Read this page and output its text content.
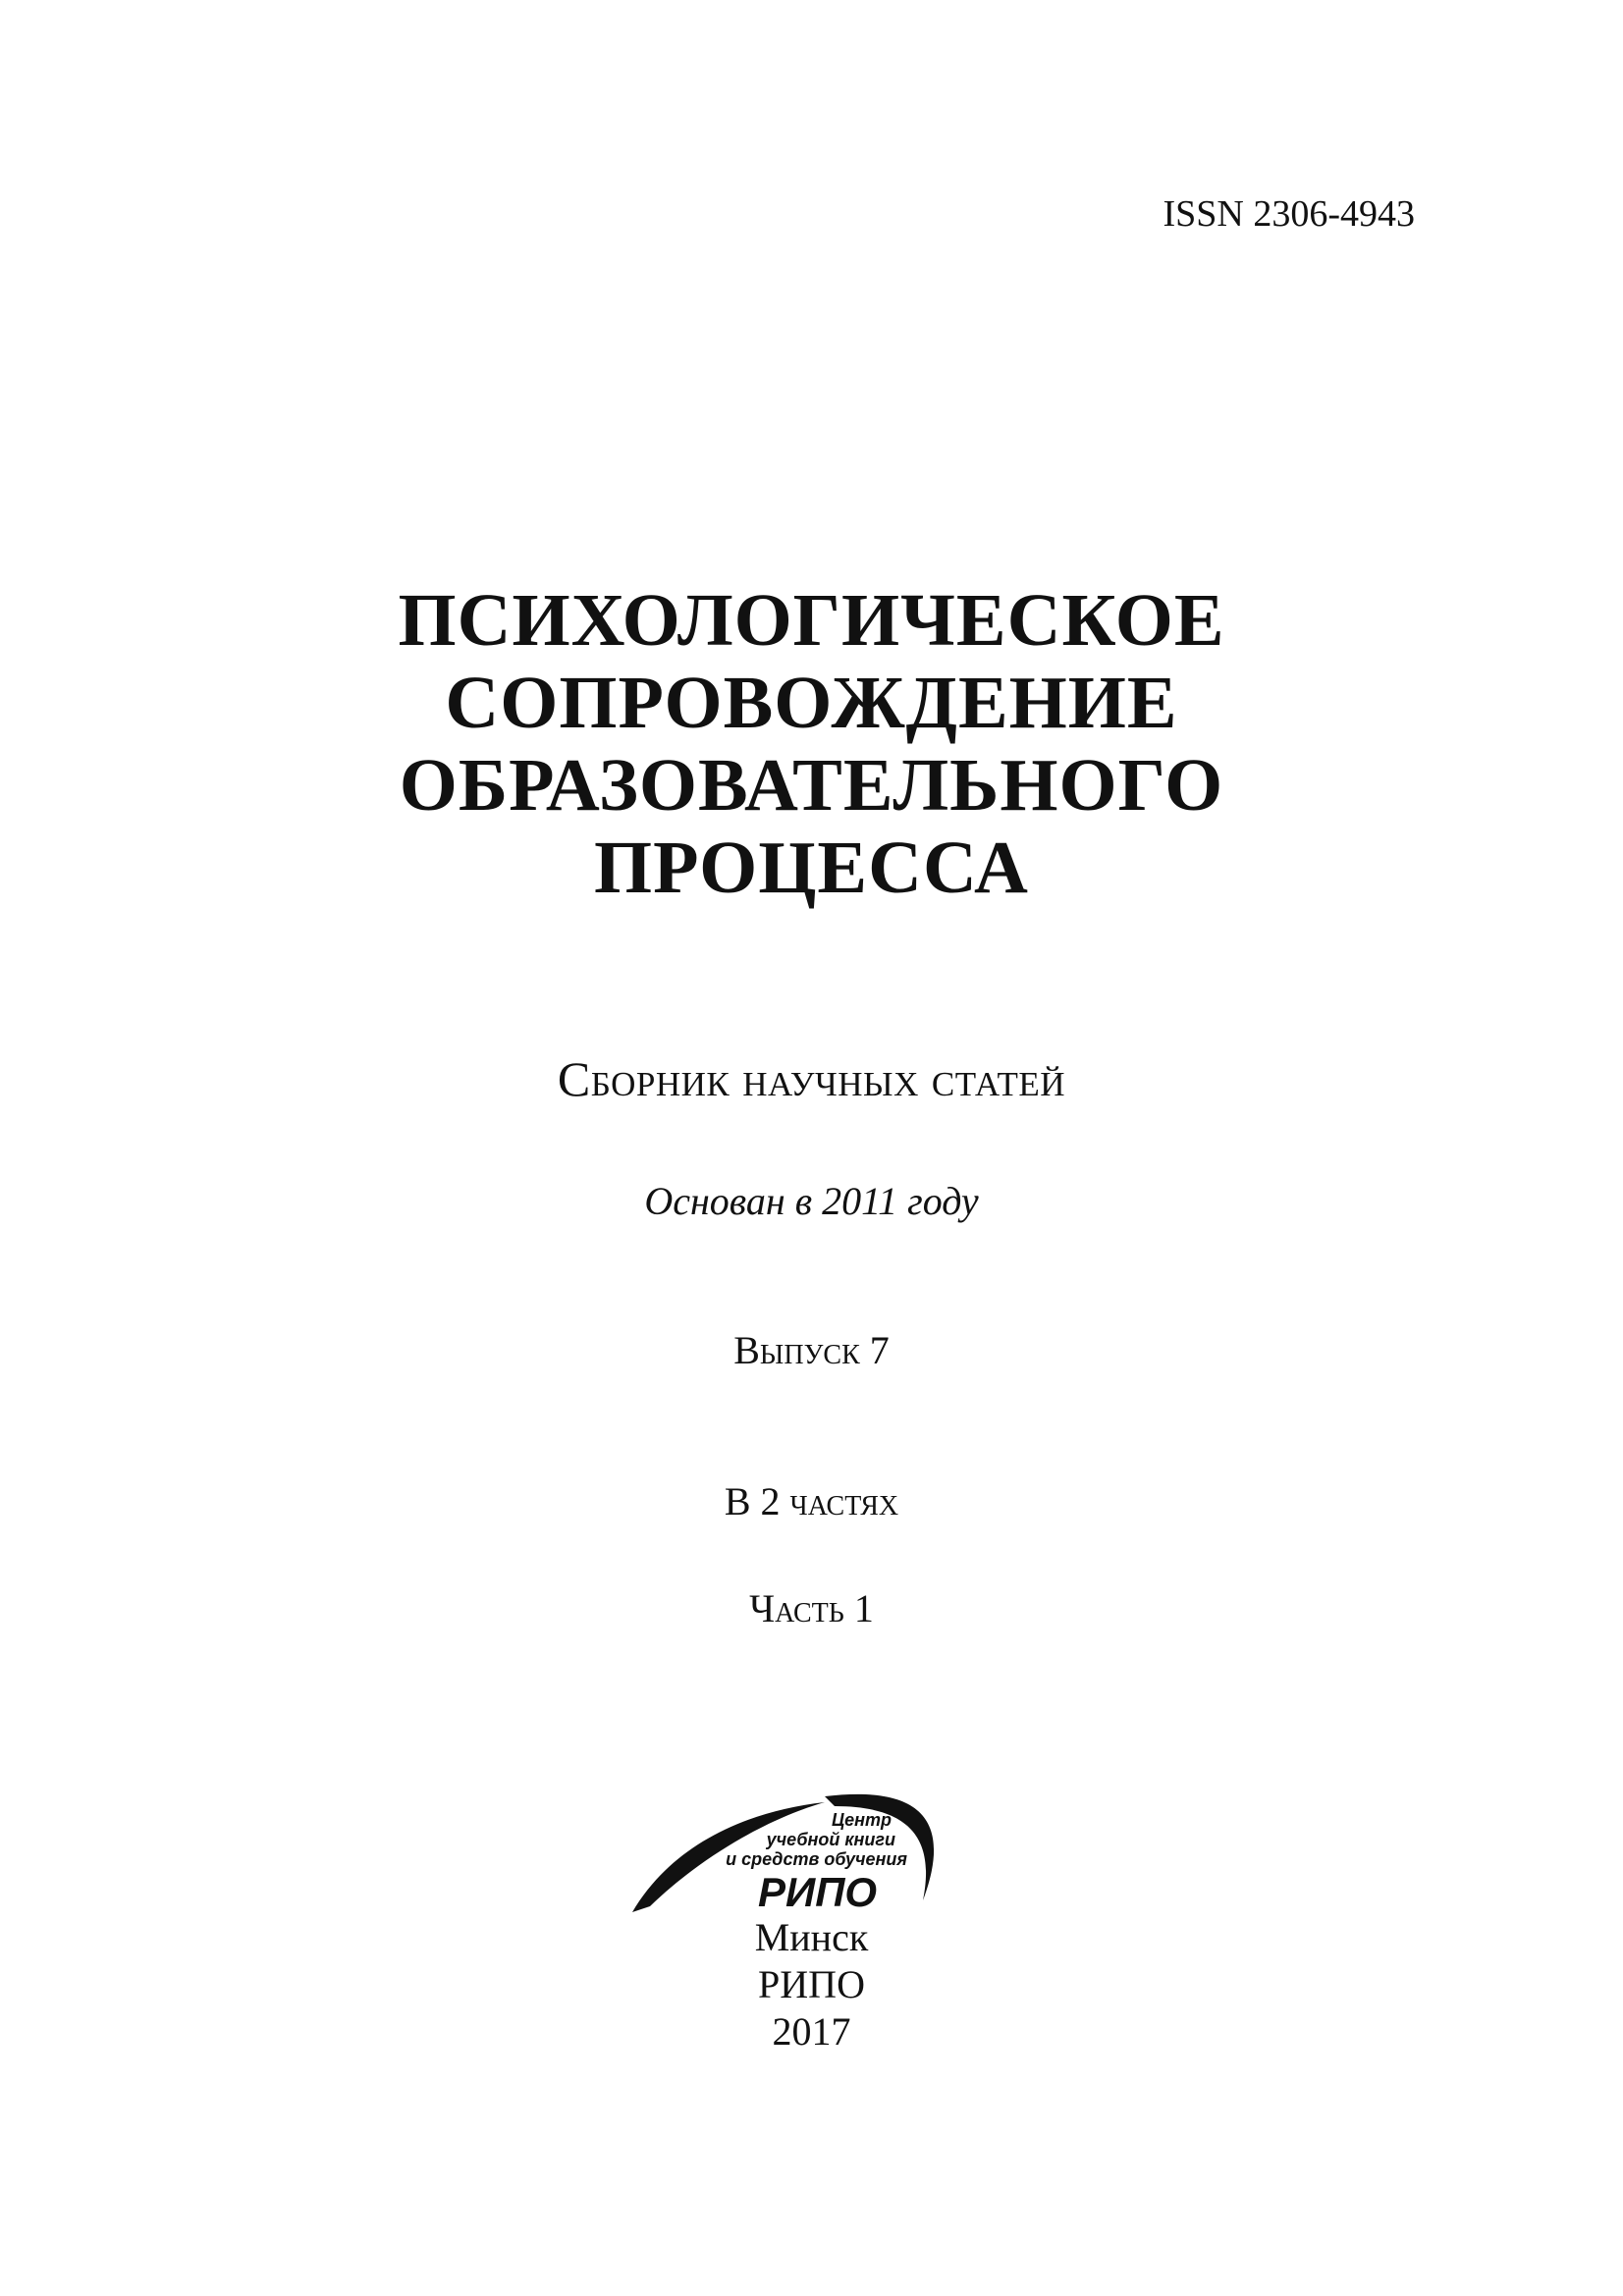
ISSN 2306-4943
ПСИХОЛОГИЧЕСКОЕ
СОПРОВОЖДЕНИЕ
ОБРАЗОВАТЕЛЬНОГО
ПРОЦЕССА
Сборник научных статей
Основан в 2011 году
Выпуск 7
В 2 частях
Часть 1
Центр
учебной книги
и средств обучения
РИПО
Минск
РИПО
2017
